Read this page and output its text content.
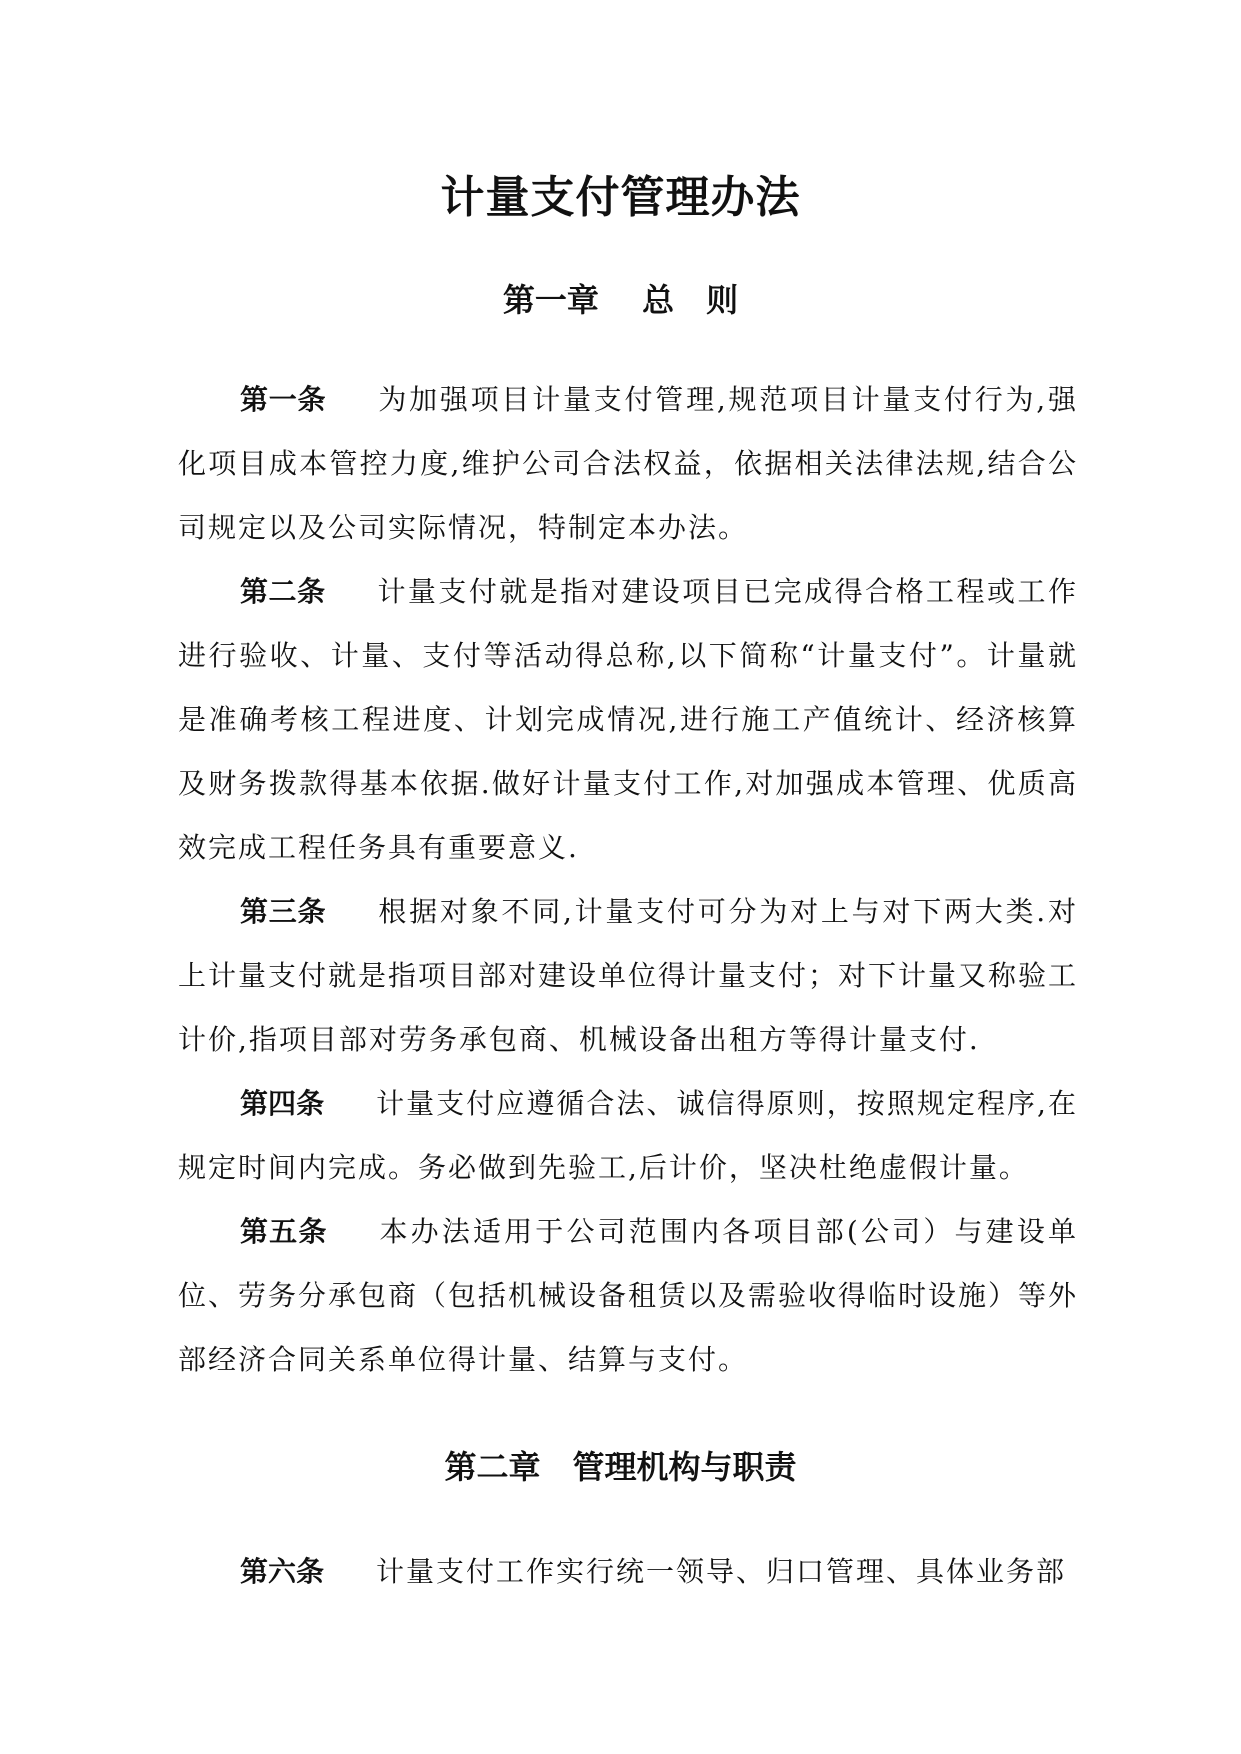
计量支付管理办法
第一章　 总　则

第一条 为加强项目计量支付管理,规范项目计量支付行为,强化项目成本管控力度,维护公司合法权益，依据相关法律法规,结合公司规定以及公司实际情况，特制定本办法。

第二条 计量支付就是指对建设项目已完成得合格工程或工作进行验收、计量、支付等活动得总称,以下简称“计量支付”。计量就是准确考核工程进度、计划完成情况,进行施工产值统计、经济核算及财务拨款得基本依据.做好计量支付工作,对加强成本管理、优质高效完成工程任务具有重要意义.

第三条 根据对象不同,计量支付可分为对上与对下两大类.对上计量支付就是指项目部对建设单位得计量支付；对下计量又称验工计价,指项目部对劳务承包商、机械设备出租方等得计量支付.

第四条 计量支付应遵循合法、诚信得原则，按照规定程序,在规定时间内完成。务必做到先验工,后计价，坚决杜绝虚假计量。

第五条 本办法适用于公司范围内各项目部(公司）与建设单位、劳务分承包商（包括机械设备租赁以及需验收得临时设施）等外部经济合同关系单位得计量、结算与支付。

第二章　管理机构与职责

第六条 计量支付工作实行统一领导、归口管理、具体业务部
